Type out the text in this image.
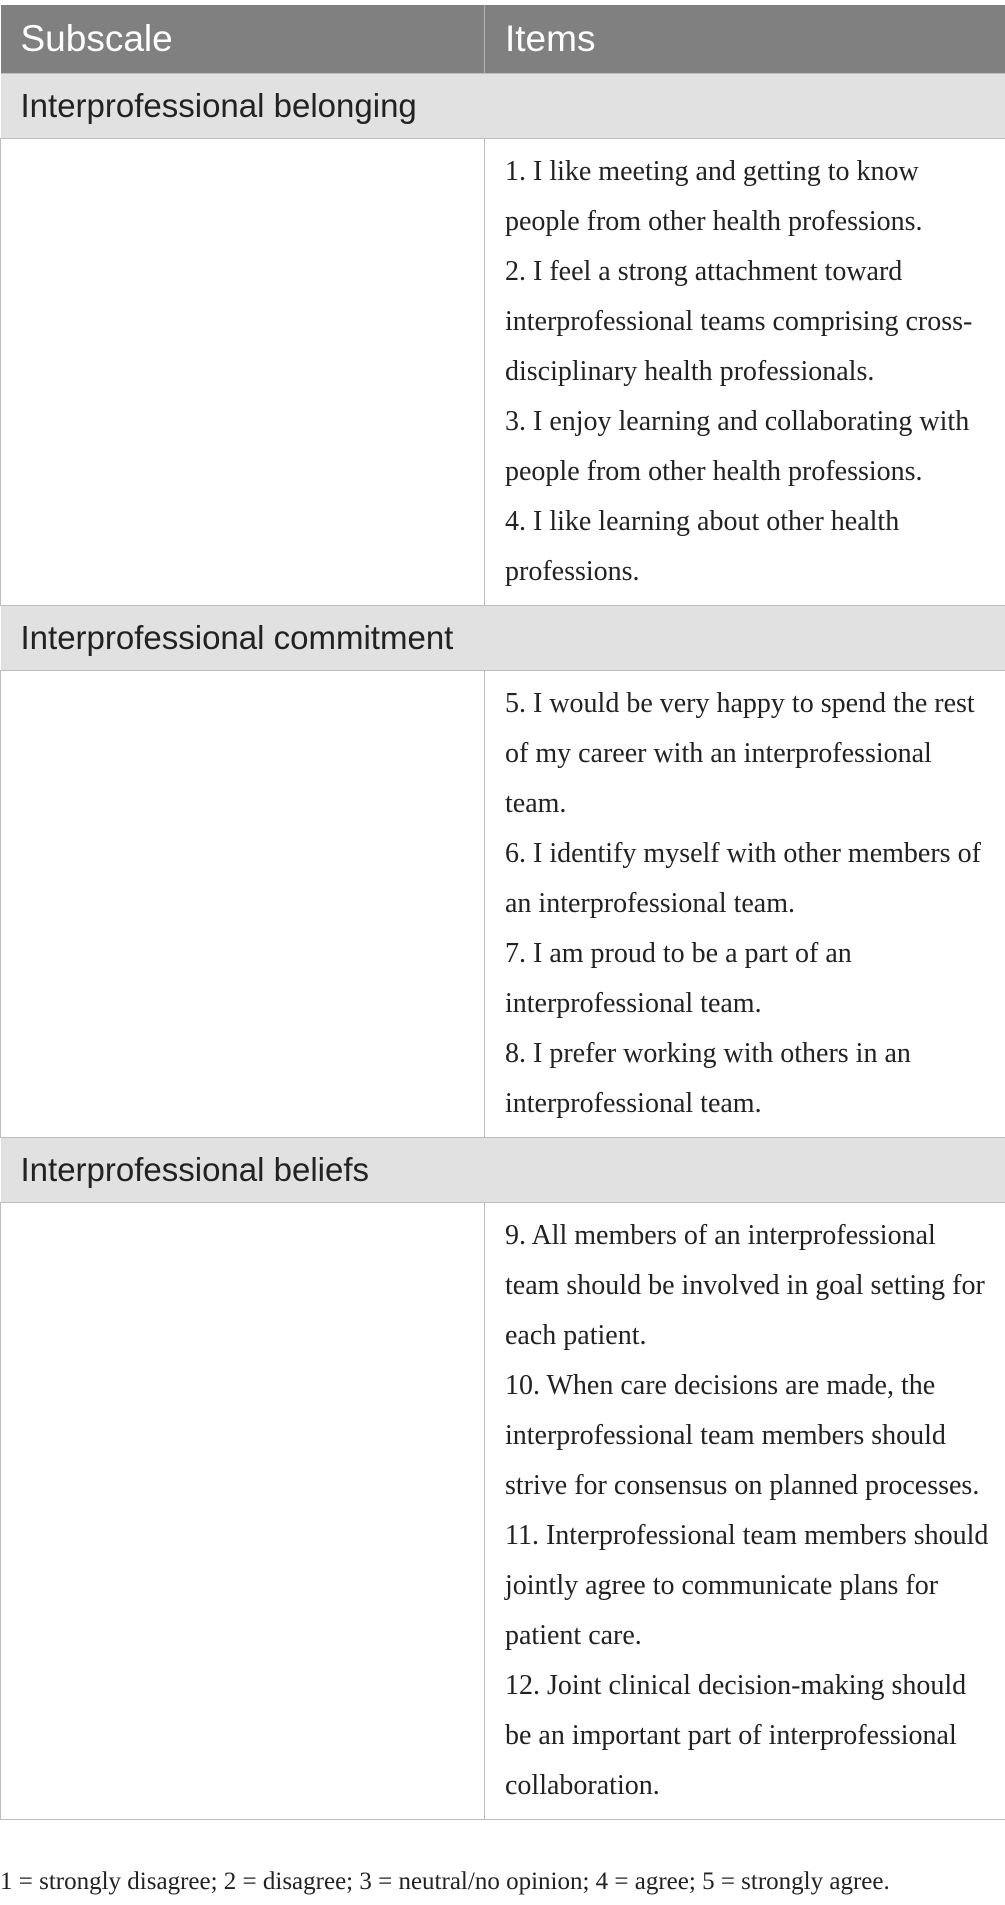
Subscale	Items
Interprofessional belonging	

	1. I like meeting and getting to know people from other health professions.

2. I feel a strong attachment toward interprofessional teams comprising cross-disciplinary health professionals.

3. I enjoy learning and collaborating with people from other health professions.

4. I like learning about other health professions.

Interprofessional commitment	

	5. I would be very happy to spend the rest of my career with an interprofessional team.

6. I identify myself with other members of an interprofessional team.

7. I am proud to be a part of an interprofessional team.

8. I prefer working with others in an interprofessional team.

Interprofessional beliefs	

	9. All members of an interprofessional team should be involved in goal setting for each patient.

10. When care decisions are made, the interprofessional team members should strive for consensus on planned processes.

11. Interprofessional team members should jointly agree to communicate plans for patient care.

12. Joint clinical decision-making should be an important part of interprofessional collaboration.

1 = strongly disagree; 2 = disagree; 3 = neutral/no opinion; 4 = agree; 5 = strongly agree.
